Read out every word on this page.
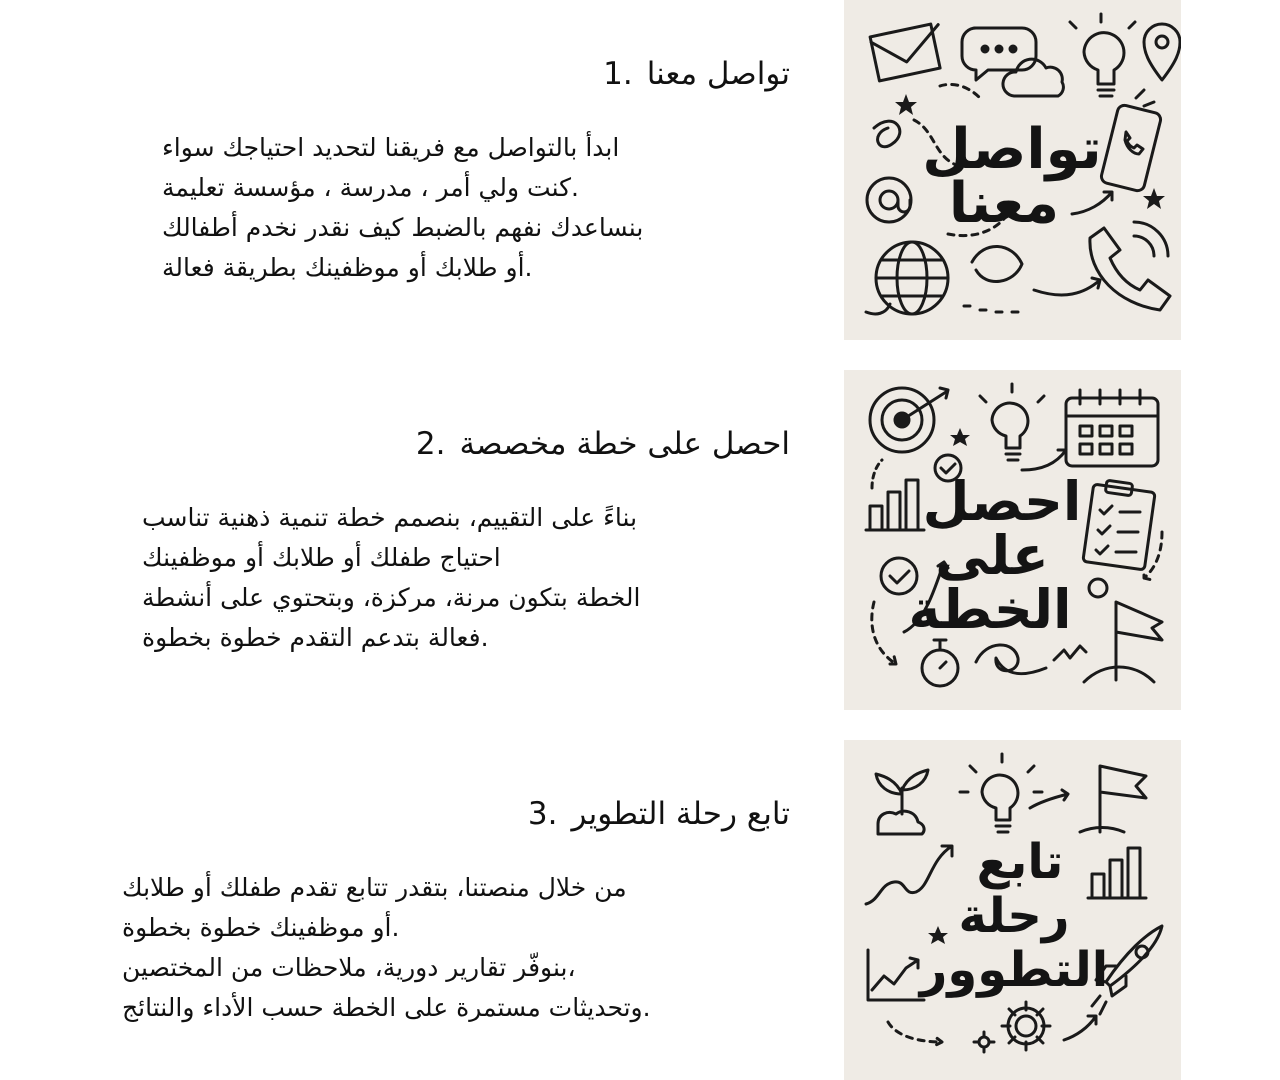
1. تواصل معنا

ابدأ بالتواصل مع فريقنا لتحديد احتياجك سواء

كنت ولي أمر ، مدرسة ، مؤسسة تعليمة.

بنساعدك نفهم بالضبط كيف نقدر نخدم أطفالك

أو طلابك أو موظفينك بطريقة فعالة.

تواصل
معنا
2. احصل على خطة مخصصة

بناءً على التقييم، بنصمم خطة تنمية ذهنية تناسب

احتياج طفلك أو طلابك أو موظفينك

الخطة بتكون مرنة، مركزة، وبتحتوي على أنشطة

فعالة بتدعم التقدم خطوة بخطوة.

احصل
على
الخطة
3. تابع رحلة التطوير

من خلال منصتنا، بتقدر تتابع تقدم طفلك أو طلابك

أو موظفينك خطوة بخطوة.

بنوفّر تقارير دورية، ملاحظات من المختصين،

وتحديثات مستمرة على الخطة حسب الأداء والنتائج.

تابع
رحلة
التطوور
